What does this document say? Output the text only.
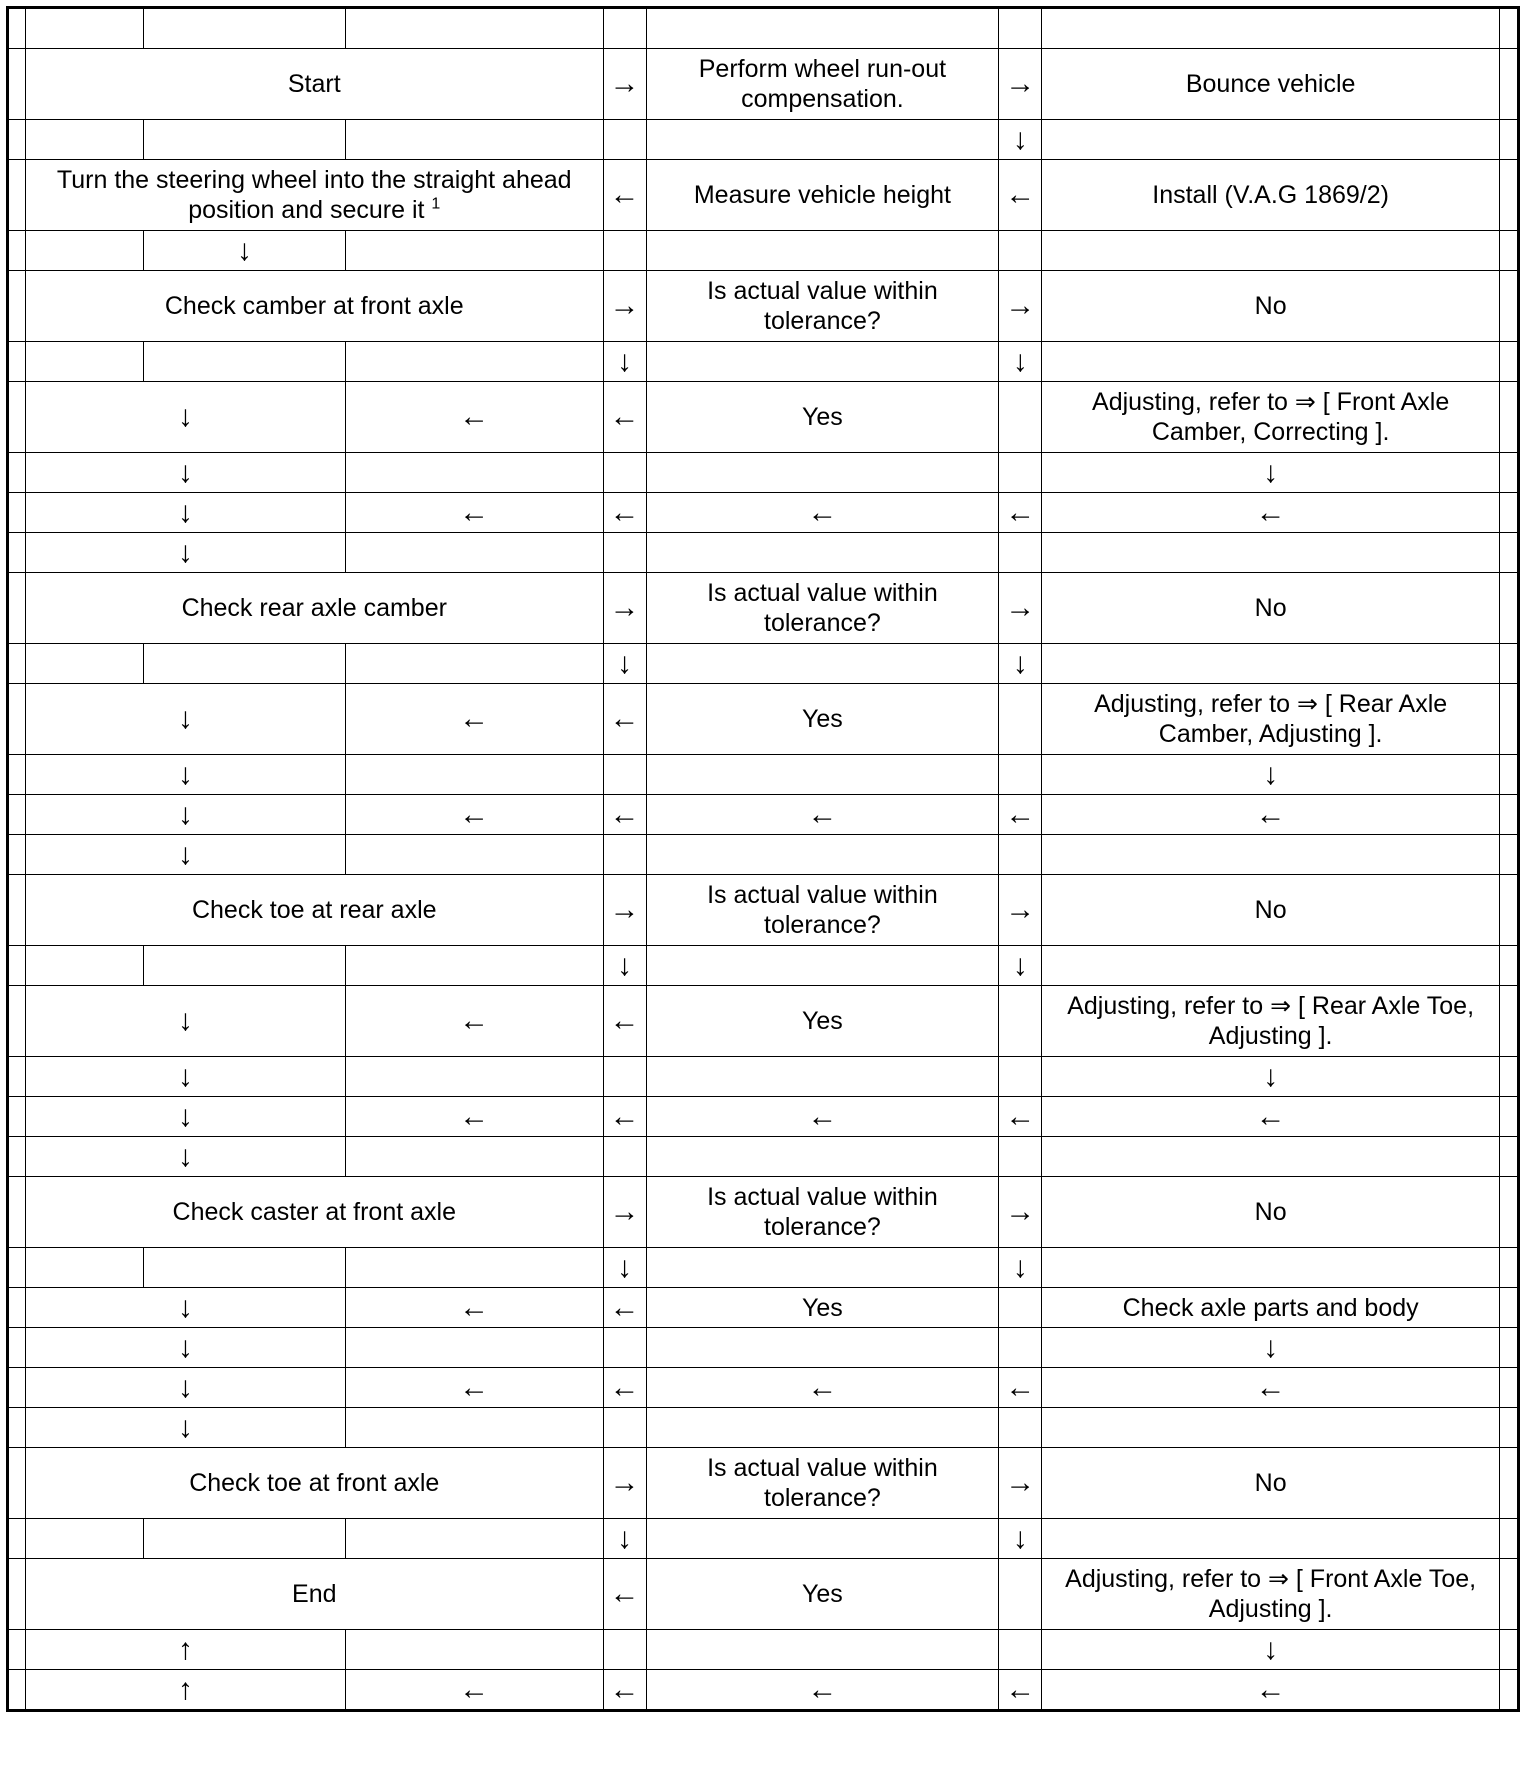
	Start			→	Perform wheel run-out compensation.	→	Bounce vehicle	
						↓		
	Turn the steering wheel into the straight ahead position and secure it $^1$			←	Measure vehicle height	←	Install (V.A.G 1869/2)	
		↓						
	Check camber at front axle			→	Is actual value within tolerance?	→	No	
				↓		↓		
	↓		←	←	Yes		Adjusting, refer to ⇒ [ Front Axle Camber, Correcting ].	
	↓						↓	
	↓		←	←	←	←	←	
	↓							
	Check rear axle camber			→	Is actual value within tolerance?	→	No	
				↓		↓		
	↓		←	←	Yes		Adjusting, refer to ⇒ [ Rear Axle Camber, Adjusting ].	
	↓						↓	
	↓		←	←	←	←	←	
	↓							
	Check toe at rear axle			→	Is actual value within tolerance?	→	No	
				↓		↓		
	↓		←	←	Yes		Adjusting, refer to ⇒ [ Rear Axle Toe, Adjusting ].	
	↓						↓	
	↓		←	←	←	←	←	
	↓							
	Check caster at front axle			→	Is actual value within tolerance?	→	No	
				↓		↓		
	↓		←	←	Yes		Check axle parts and body	
	↓						↓	
	↓		←	←	←	←	←	
	↓							
	Check toe at front axle			→	Is actual value within tolerance?	→	No	
				↓		↓		
	End			←	Yes		Adjusting, refer to ⇒ [ Front Axle Toe, Adjusting ].	
	↑						↓	
	↑		←	←	←	←	←	
